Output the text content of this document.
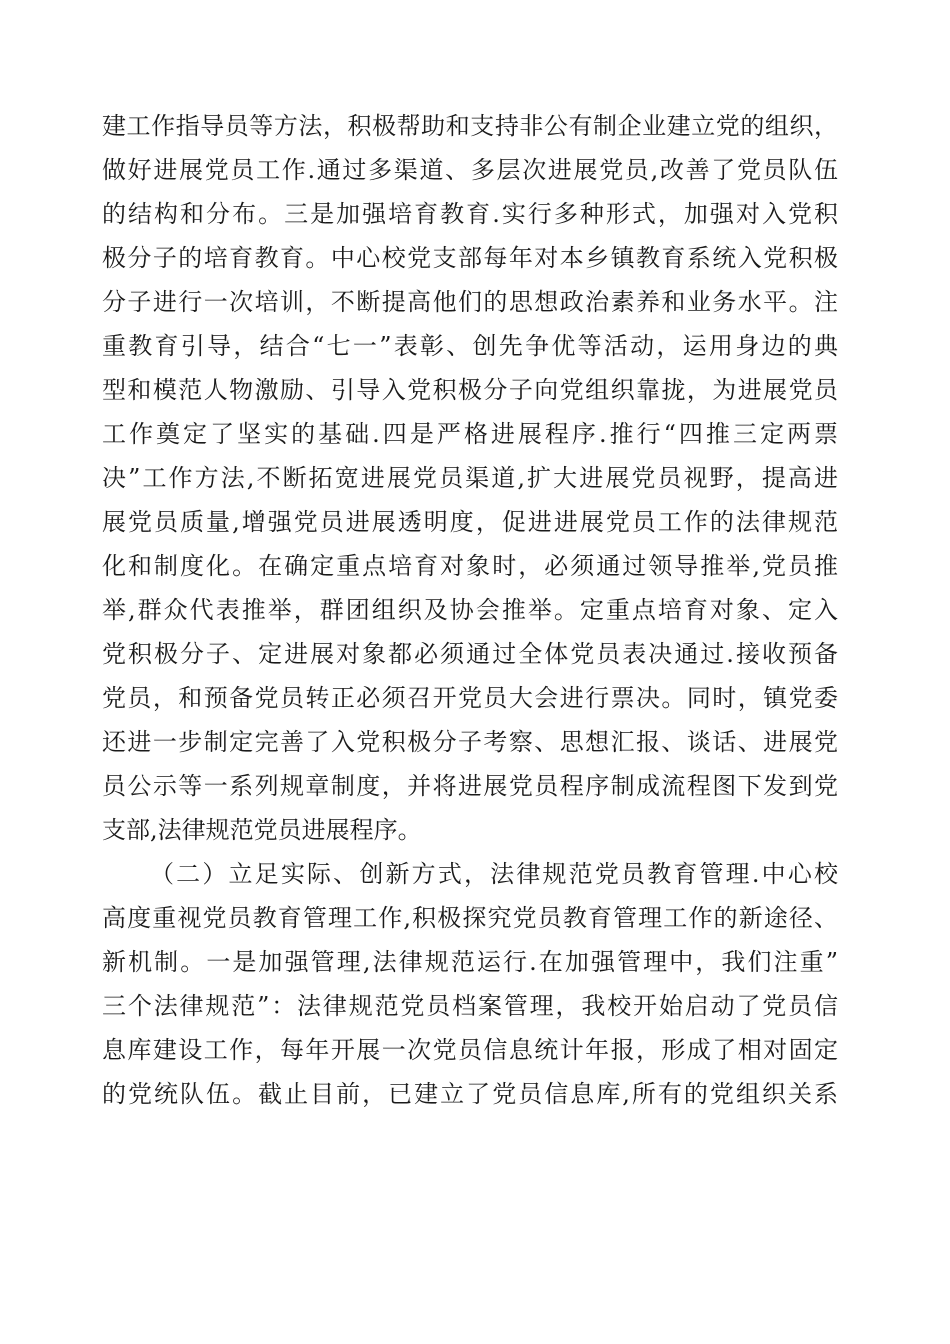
建工作指导员等方法，积极帮助和支持非公有制企业建立党的组织，
做好进展党员工作.通过多渠道、多层次进展党员,改善了党员队伍
的结构和分布。三是加强培育教育.实行多种形式，加强对入党积
极分子的培育教育。中心校党支部每年对本乡镇教育系统入党积极
分子进行一次培训，不断提高他们的思想政治素养和业务水平。注
重教育引导，结合“七一”表彰、创先争优等活动，运用身边的典
型和模范人物激励、引导入党积极分子向党组织靠拢，为进展党员
工作奠定了坚实的基础.四是严格进展程序.推行“四推三定两票
决”工作方法,不断拓宽进展党员渠道,扩大进展党员视野，提高进
展党员质量,增强党员进展透明度，促进进展党员工作的法律规范
化和制度化。在确定重点培育对象时，必须通过领导推举,党员推
举,群众代表推举，群团组织及协会推举。定重点培育对象、定入
党积极分子、定进展对象都必须通过全体党员表决通过.接收预备
党员，和预备党员转正必须召开党员大会进行票决。同时，镇党委
还进一步制定完善了入党积极分子考察、思想汇报、谈话、进展党
员公示等一系列规章制度，并将进展党员程序制成流程图下发到党
支部,法律规范党员进展程序。
（二）立足实际、创新方式，法律规范党员教育管理.中心校
高度重视党员教育管理工作,积极探究党员教育管理工作的新途径、
新机制。一是加强管理,法律规范运行.在加强管理中，我们注重”
三个法律规范”：法律规范党员档案管理，我校开始启动了党员信
息库建设工作，每年开展一次党员信息统计年报，形成了相对固定
的党统队伍。截止目前，已建立了党员信息库,所有的党组织关系
